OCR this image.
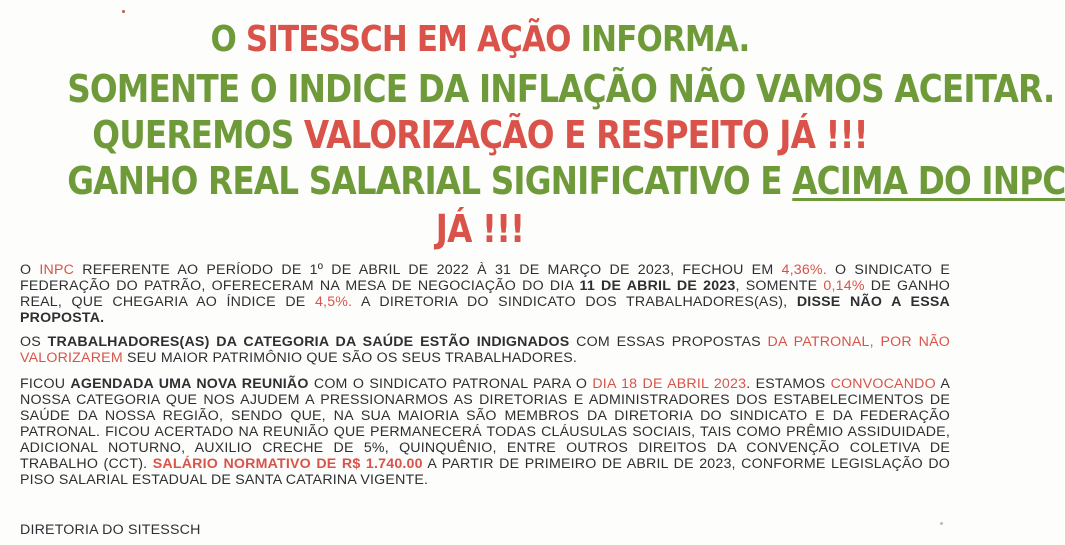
O SITESSCH EM AÇÃO INFORMA.
SOMENTE O INDICE DA INFLAÇÃO NÃO VAMOS ACEITAR.
QUEREMOS VALORIZAÇÃO E RESPEITO JÁ !!!
GANHO REAL SALARIAL SIGNIFICATIVO E ACIMA DO INPC
JÁ !!!
O INPC REFERENTE AO PERÍODO DE 1º DE ABRIL DE 2022 À 31 DE MARÇO DE 2023, FECHOU EM 4,36%. O SINDICATO E FEDERAÇÃO DO PATRÃO, OFERECERAM NA MESA DE NEGOCIAÇÃO DO DIA 11 DE ABRIL DE 2023, SOMENTE 0,14% DE GANHO REAL, QUE CHEGARIA AO ÍNDICE DE 4,5%. A DIRETORIA DO SINDICATO DOS TRABALHADORES(AS), DISSE NÃO A ESSA PROPOSTA.
OS TRABALHADORES(AS) DA CATEGORIA DA SAÚDE ESTÃO INDIGNADOS COM ESSAS PROPOSTAS DA PATRONAL, POR NÃO VALORIZAREM SEU MAIOR PATRIMÔNIO QUE SÃO OS SEUS TRABALHADORES.
FICOU AGENDADA UMA NOVA REUNIÃO COM O SINDICATO PATRONAL PARA O DIA 18 DE ABRIL 2023. ESTAMOS CONVOCANDO A NOSSA CATEGORIA QUE NOS AJUDEM A PRESSIONARMOS AS DIRETORIAS E ADMINISTRADORES DOS ESTABELECIMENTOS DE SAÚDE DA NOSSA REGIÃO, SENDO QUE, NA SUA MAIORIA SÃO MEMBROS DA DIRETORIA DO SINDICATO E DA FEDERAÇÃO PATRONAL. FICOU ACERTADO NA REUNIÃO QUE PERMANECERÁ TODAS CLÁUSULAS SOCIAIS, TAIS COMO PRÊMIO ASSIDUIDADE, ADICIONAL NOTURNO, AUXILIO CRECHE DE 5%, QUINQUÊNIO, ENTRE OUTROS DIREITOS DA CONVENÇÃO COLETIVA DE TRABALHO (CCT). SALÁRIO NORMATIVO DE R$ 1.740.00 A PARTIR DE PRIMEIRO DE ABRIL DE 2023, CONFORME LEGISLAÇÃO DO PISO SALARIAL ESTADUAL DE SANTA CATARINA VIGENTE.
DIRETORIA DO SITESSCH
